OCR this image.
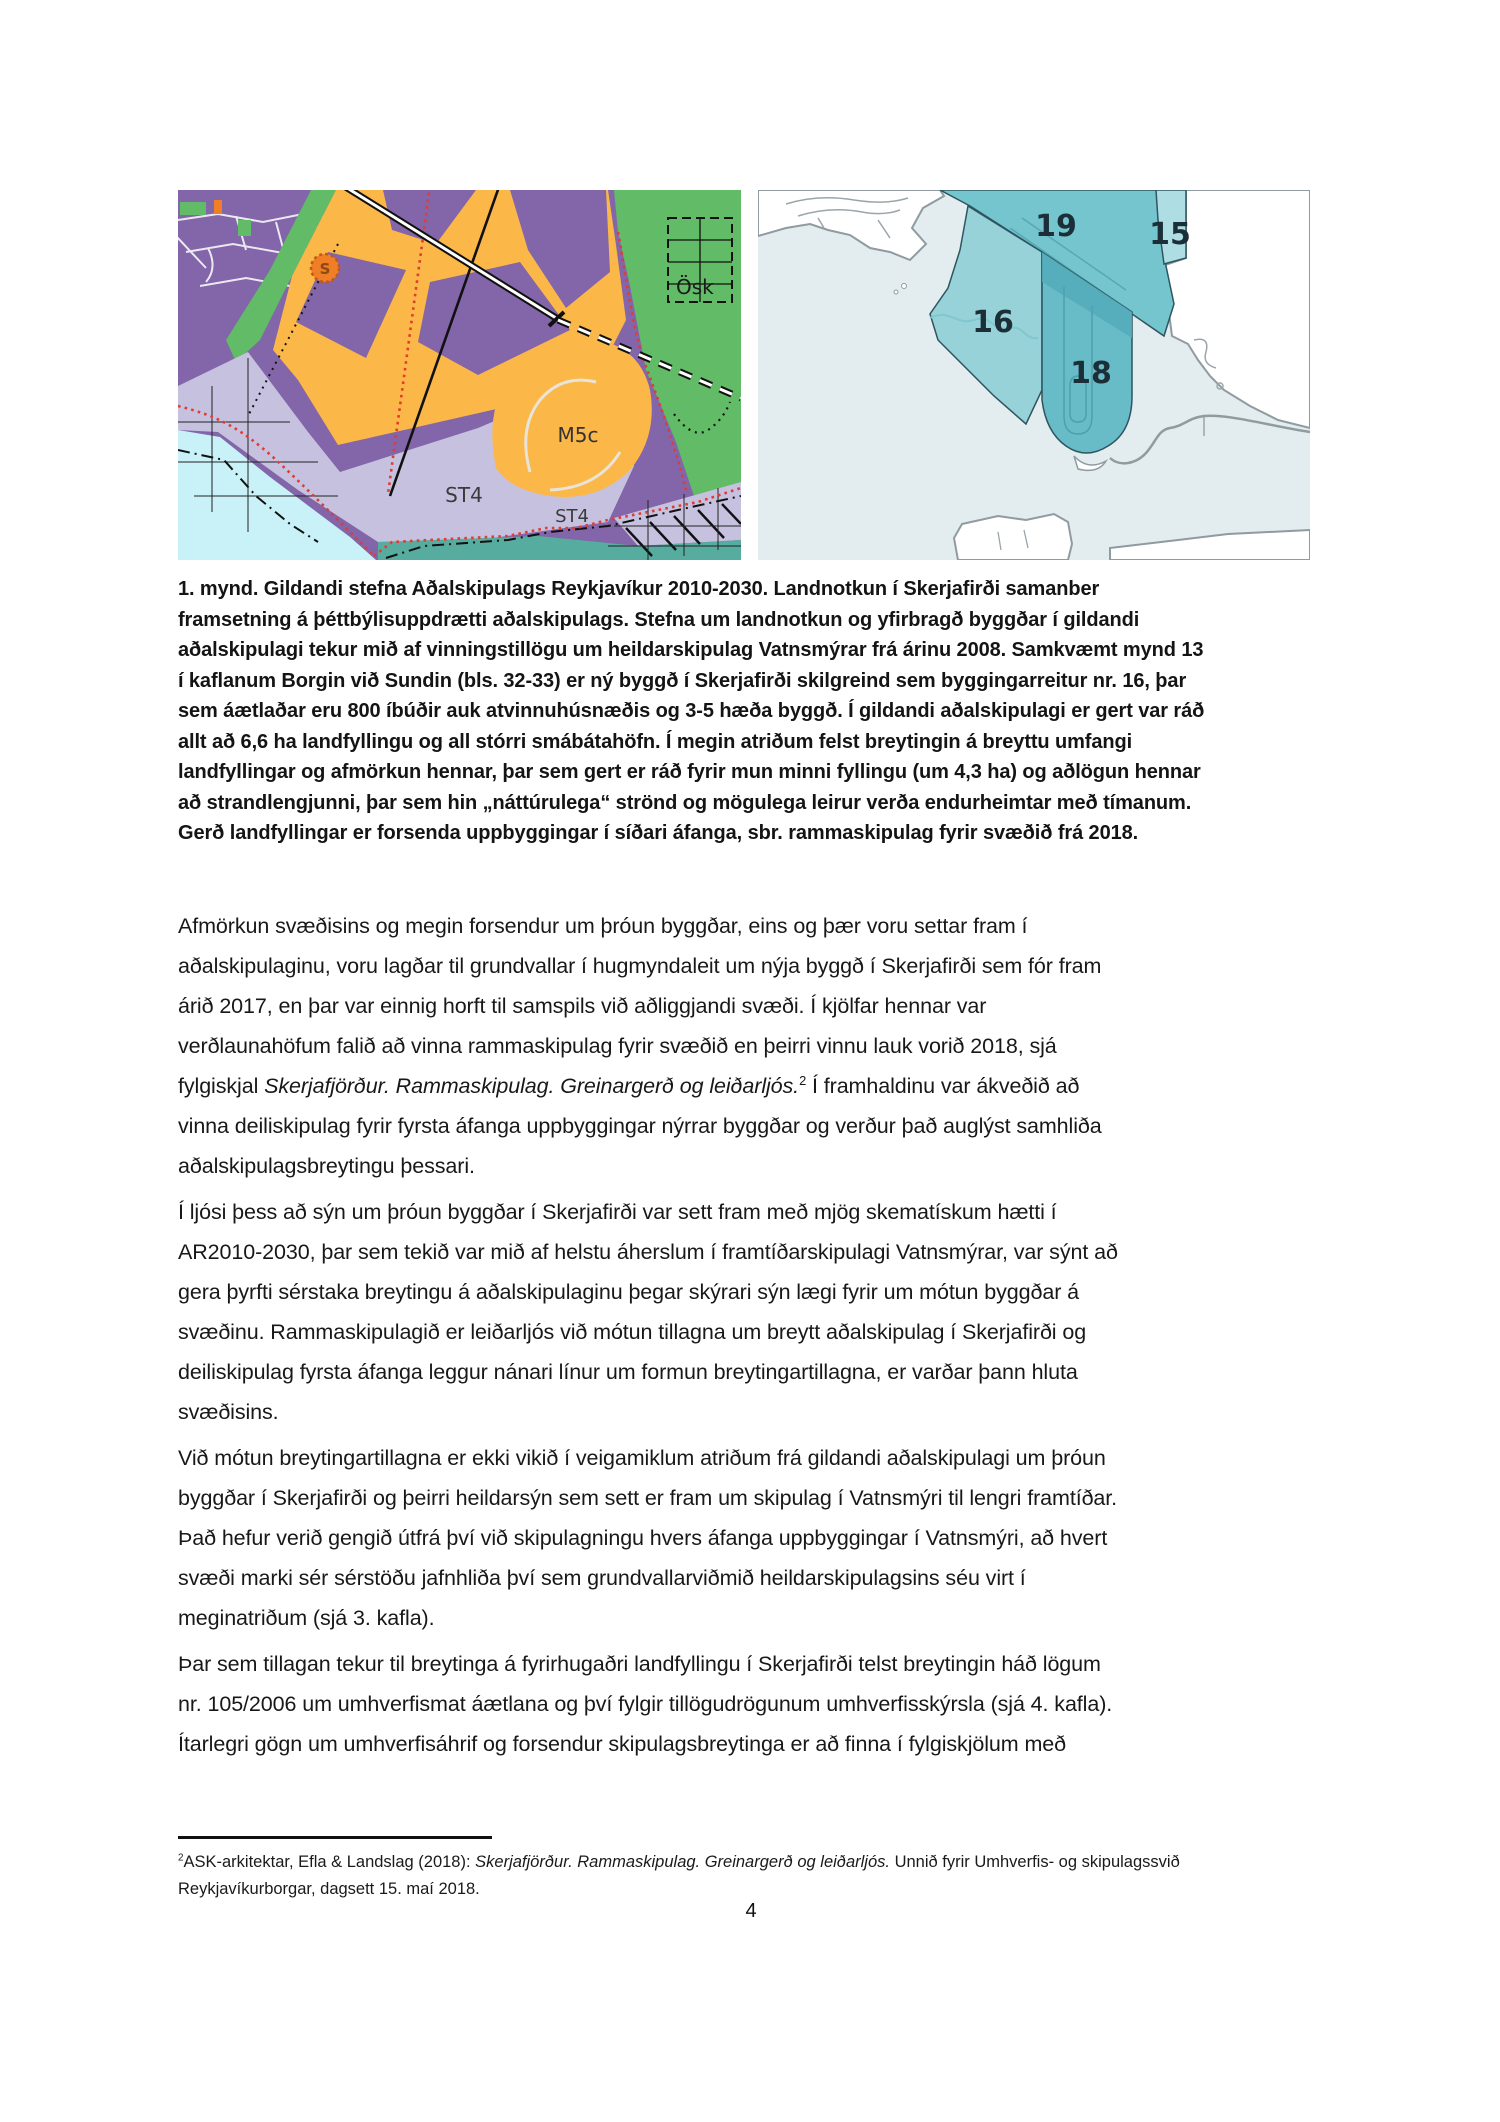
S
Ösk
M5c
ST4
ST4
19 15
16
18
1. mynd. Gildandi stefna Aðalskipulags Reykjavíkur 2010-2030. Landnotkun í Skerjafirði samanber
framsetning á þéttbýlisuppdrætti aðalskipulags. Stefna um landnotkun og yfirbragð byggðar í gildandi
aðalskipulagi tekur mið af vinningstillögu um heildarskipulag Vatnsmýrar frá árinu 2008. Samkvæmt mynd 13
í kaflanum Borgin við Sundin (bls. 32-33) er ný byggð í Skerjafirði skilgreind sem byggingarreitur nr. 16, þar
sem áætlaðar eru 800 íbúðir auk atvinnuhúsnæðis og 3-5 hæða byggð. Í gildandi aðalskipulagi er gert var ráð
allt að 6,6 ha landfyllingu og all stórri smábátahöfn. Í megin atriðum felst breytingin á breyttu umfangi
landfyllingar og afmörkun hennar, þar sem gert er ráð fyrir mun minni fyllingu (um 4,3 ha) og aðlögun hennar
að strandlengjunni, þar sem hin „náttúrulega“ strönd og mögulega leirur verða endurheimtar með tímanum.
Gerð landfyllingar er forsenda uppbyggingar í síðari áfanga, sbr. rammaskipulag fyrir svæðið frá 2018.
Afmörkun svæðisins og megin forsendur um þróun byggðar, eins og þær voru settar fram í
aðalskipulaginu, voru lagðar til grundvallar í hugmyndaleit um nýja byggð í Skerjafirði sem fór fram
árið 2017, en þar var einnig horft til samspils við aðliggjandi svæði. Í kjölfar hennar var
verðlaunahöfum falið að vinna rammaskipulag fyrir svæðið en þeirri vinnu lauk vorið 2018, sjá
fylgiskjal Skerjafjörður. Rammaskipulag. Greinargerð og leiðarljós.$^2$ Í framhaldinu var ákveðið að
vinna deiliskipulag fyrir fyrsta áfanga uppbyggingar nýrrar byggðar og verður það auglýst samhliða
aðalskipulagsbreytingu þessari.
Í ljósi þess að sýn um þróun byggðar í Skerjafirði var sett fram með mjög skematískum hætti í
AR2010-2030, þar sem tekið var mið af helstu áherslum í framtíðarskipulagi Vatnsmýrar, var sýnt að
gera þyrfti sérstaka breytingu á aðalskipulaginu þegar skýrari sýn lægi fyrir um mótun byggðar á
svæðinu. Rammaskipulagið er leiðarljós við mótun tillagna um breytt aðalskipulag í Skerjafirði og
deiliskipulag fyrsta áfanga leggur nánari línur um formun breytingartillagna, er varðar þann hluta
svæðisins.
Við mótun breytingartillagna er ekki vikið í veigamiklum atriðum frá gildandi aðalskipulagi um þróun
byggðar í Skerjafirði og þeirri heildarsýn sem sett er fram um skipulag í Vatnsmýri til lengri framtíðar.
Það hefur verið gengið útfrá því við skipulagningu hvers áfanga uppbyggingar í Vatnsmýri, að hvert
svæði marki sér sérstöðu jafnhliða því sem grundvallarviðmið heildarskipulagsins séu virt í
meginatriðum (sjá 3. kafla).
Þar sem tillagan tekur til breytinga á fyrirhugaðri landfyllingu í Skerjafirði telst breytingin háð lögum
nr. 105/2006 um umhverfismat áætlana og því fylgir tillögudrögunum umhverfisskýrsla (sjá 4. kafla).
Ítarlegri gögn um umhverfisáhrif og forsendur skipulagsbreytinga er að finna í fylgiskjölum með
$^2$ASK-arkitektar, Efla & Landslag (2018): Skerjafjörður. Rammaskipulag. Greinargerð og leiðarljós. Unnið fyrir Umhverfis- og skipulagssvið
Reykjavíkurborgar, dagsett 15. maí 2018.
4
